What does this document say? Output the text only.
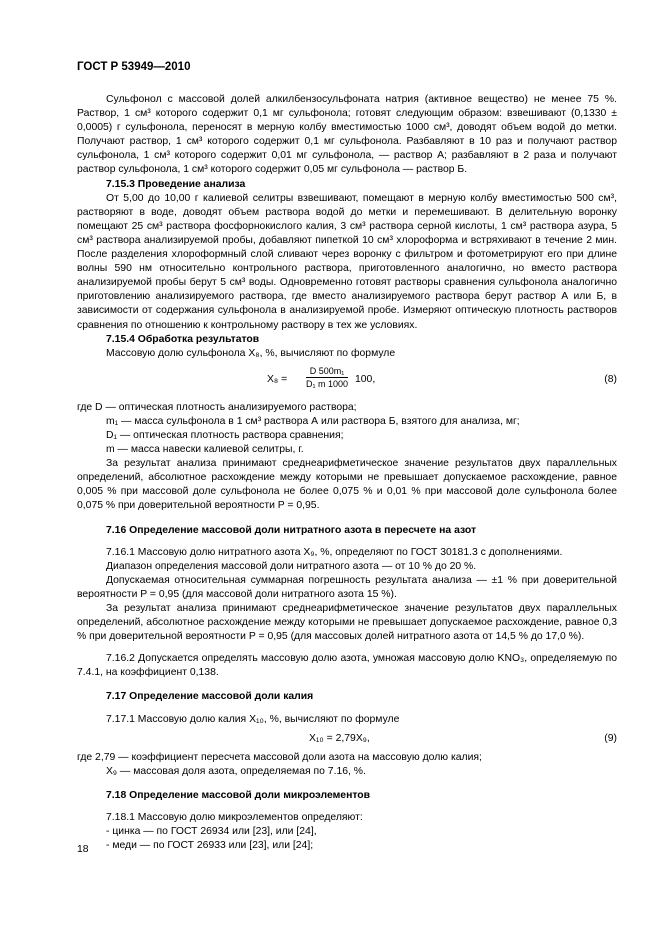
ГОСТ Р 53949—2010

Сульфонол с массовой долей алкилбензосульфоната натрия (активное вещество) не менее 75 %. Раствор, 1 см³ которого содержит 0,1 мг сульфонола; готовят следующим образом: взвешивают (0,1330 ± 0,0005) г сульфонола, переносят в мерную колбу вместимостью 1000 см³, доводят объем водой до метки. Получают раствор, 1 см³ которого содержит 0,1 мг сульфонола. Разбавляют в 10 раз и получают раствор сульфонола, 1 см³ которого содержит 0,01 мг сульфонола, — раствор А; разбавляют в 2 раза и получают раствор сульфонола, 1 см³ которого содержит 0,05 мг сульфонола — раствор Б.

7.15.3 Проведение анализа

От 5,00 до 10,00 г калиевой селитры взвешивают, помещают в мерную колбу вместимостью 500 см³, растворяют в воде, доводят объем раствора водой до метки и перемешивают. В делительную воронку помещают 25 см³ раствора фосфорнокислого калия, 3 см³ раствора серной кислоты, 1 см³ раствора азура, 5 см³ раствора анализируемой пробы, добавляют пипеткой 10 см³ хлороформа и встряхивают в течение 2 мин. После разделения хлороформный слой сливают через воронку с фильтром и фотометрируют его при длине волны 590 нм относительно контрольного раствора, приготовленного аналогично, но вместо раствора анализируемой пробы берут 5 см³ воды. Одновременно готовят растворы сравнения сульфонола аналогично приготовлению анализируемого раствора, где вместо анализируемого раствора берут раствор А или Б, в зависимости от содержания сульфонола в анализируемой пробе. Измеряют оптическую плотность растворов сравнения по отношению к контрольному раствору в тех же условиях.

7.15.4 Обработка результатов

Массовую долю сульфонола X₈, %, вычисляют по формуле

$X_8 = \frac{\text{D 500m₁}}{\text{D₁ m 1000}} 100$,	(8)

где D — оптическая плотность анализируемого раствора;

m₁ — масса сульфонола в 1 см³ раствора А или раствора Б, взятого для анализа, мг;

D₁ — оптическая плотность раствора сравнения;

m — масса навески калиевой селитры, г.

За результат анализа принимают среднеарифметическое значение результатов двух параллельных определений, абсолютное расхождение между которыми не превышает допускаемое расхождение, равное 0,005 % при массовой доле сульфонола не более 0,075 % и 0,01 % при массовой доле сульфонола более 0,075 % при доверительной вероятности P = 0,95.

7.16 Определение массовой доли нитратного азота в пересчете на азот

7.16.1 Массовую долю нитратного азота X₉, %, определяют по ГОСТ 30181.3 с дополнениями.

Диапазон определения массовой доли нитратного азота — от 10 % до 20 %.

Допускаемая относительная суммарная погрешность результата анализа — ±1 % при доверительной вероятности P = 0,95 (для массовой доли нитратного азота 15 %).

За результат анализа принимают среднеарифметическое значение результатов двух параллельных определений, абсолютное расхождение между которыми не превышает допускаемое расхождение, равное 0,3 % при доверительной вероятности P = 0,95 (для массовых долей нитратного азота от 14,5 % до 17,0 %).

7.16.2 Допускается определять массовую долю азота, умножая массовую долю KNO₃, определяемую по 7.4.1, на коэффициент 0,138.

7.17 Определение массовой доли калия

7.17.1 Массовую долю калия X₁₀, %, вычисляют по формуле

X₁₀ = 2,79X₉,	(9)

где 2,79 — коэффициент пересчета массовой доли азота на массовую долю калия;

X₉ — массовая доля азота, определяемая по 7.16, %.

7.18 Определение массовой доли микроэлементов

7.18.1 Массовую долю микроэлементов определяют:

- цинка — по ГОСТ 26934 или [23], или [24],

- меди — по ГОСТ 26933 или [23], или [24];

18
